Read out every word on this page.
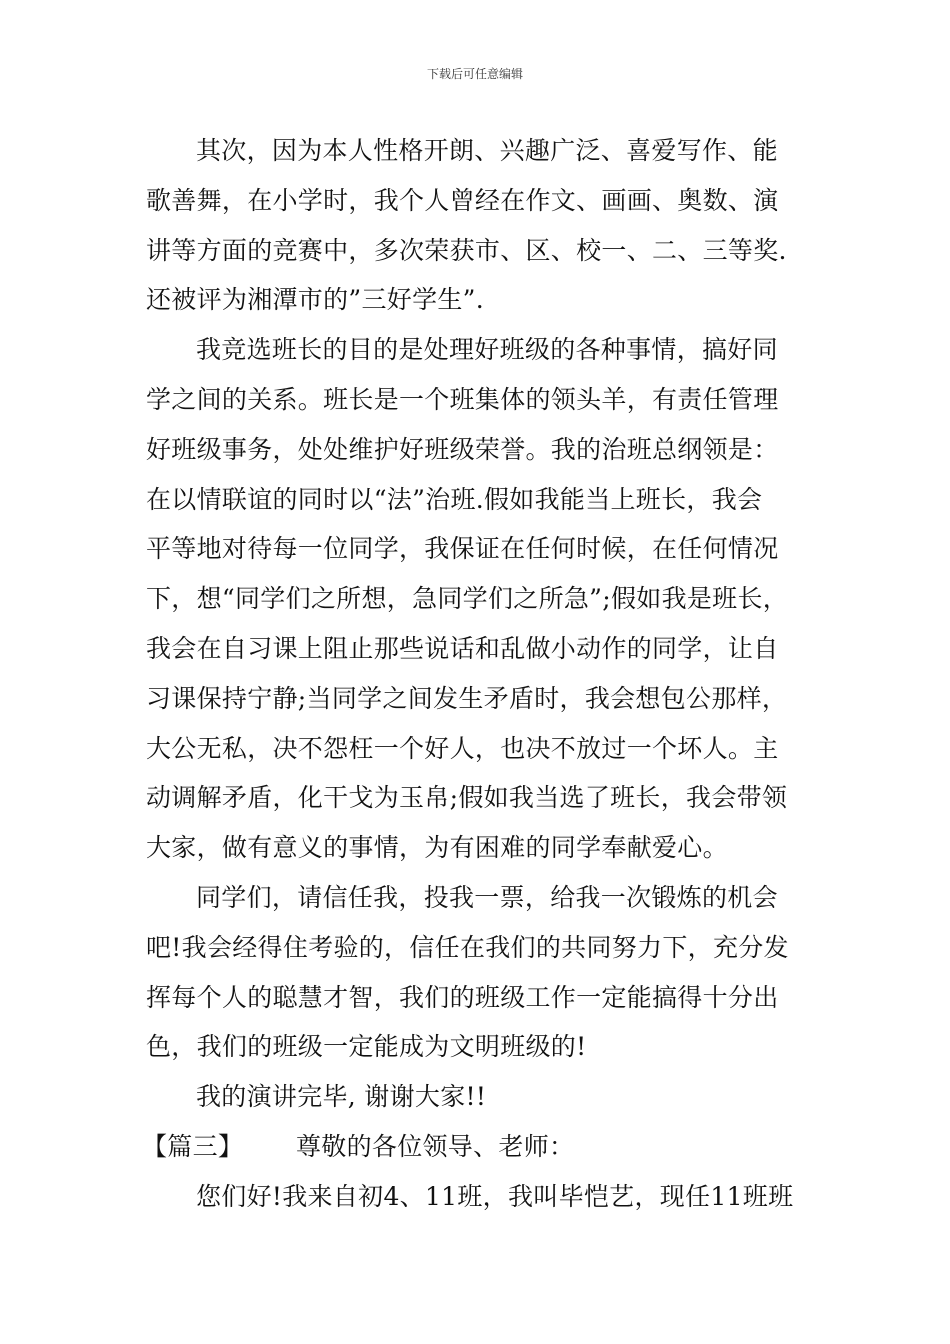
下载后可任意编辑
其次，因为本人性格开朗、兴趣广泛、喜爱写作、能
歌善舞，在小学时，我个人曾经在作文、画画、奥数、演
讲等方面的竞赛中，多次荣获市、区、校一、二、三等奖.
还被评为湘潭市的”三好学生”.
我竞选班长的目的是处理好班级的各种事情，搞好同
学之间的关系。班长是一个班集体的领头羊，有责任管理
好班级事务，处处维护好班级荣誉。我的治班总纲领是：
在以情联谊的同时以“法”治班.假如我能当上班长，我会
平等地对待每一位同学，我保证在任何时候，在任何情况
下，想“同学们之所想，急同学们之所急”;假如我是班长，
我会在自习课上阻止那些说话和乱做小动作的同学，让自
习课保持宁静;当同学之间发生矛盾时，我会想包公那样，
大公无私，决不怨枉一个好人，也决不放过一个坏人。主
动调解矛盾，化干戈为玉帛;假如我当选了班长，我会带领
大家，做有意义的事情，为有困难的同学奉献爱心。
同学们，请信任我，投我一票，给我一次锻炼的机会
吧!我会经得住考验的，信任在我们的共同努力下，充分发
挥每个人的聪慧才智，我们的班级工作一定能搞得十分出
色，我们的班级一定能成为文明班级的!
我的演讲完毕, 谢谢大家!!
【篇三】	尊敬的各位领导、老师：
您们好!我来自初4、11班，我叫毕恺艺，现任11班班
